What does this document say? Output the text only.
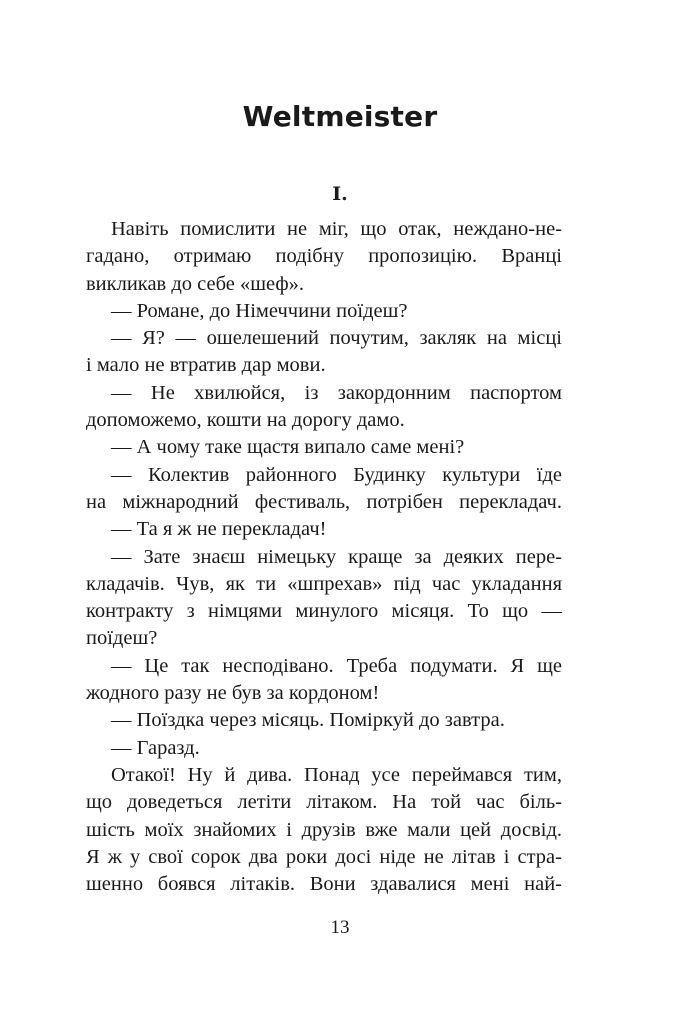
Weltmeister
I.
Навіть помислити не міг, що отак, неждано-не-
гадано, отримаю подібну пропозицію. Вранці
викликав до себе «шеф».
— Романе, до Німеччини поїдеш?
— Я? — ошелешений почутим, закляк на місці
і мало не втратив дар мови.
— Не хвилюйся, із закордонним паспортом
допоможемо, кошти на дорогу дамо.
— А чому таке щастя випало саме мені?
— Колектив районного Будинку культури їде
на міжнародний фестиваль, потрібен перекладач.
— Та я ж не перекладач!
— Зате знаєш німецьку краще за деяких пере-
кладачів. Чув, як ти «шпрехав» під час укладання
контракту з німцями минулого місяця. То що —
поїдеш?
— Це так несподівано. Треба подумати. Я ще
жодного разу не був за кордоном!
— Поїздка через місяць. Поміркуй до завтра.
— Гаразд.
Отакої! Ну й дива. Понад усе переймався тим,
що доведеться летіти літаком. На той час біль-
шість моїх знайомих і друзів вже мали цей досвід.
Я ж у свої сорок два роки досі ніде не літав і стра-
шенно боявся літаків. Вони здавалися мені най-
13
